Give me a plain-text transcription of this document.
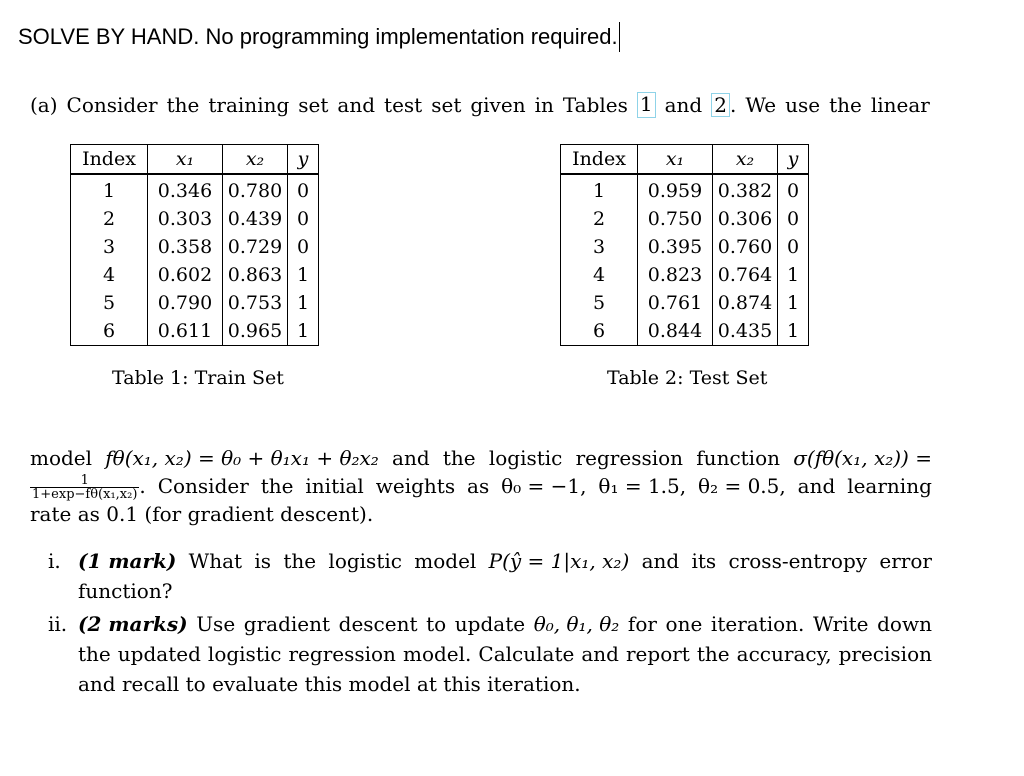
SOLVE BY HAND. No programming implementation required.
(a) Consider the training set and test set given in Tables 1 and 2 . We use the linear
Index	x₁	x₂	y
1	0.346	0.780	0
2	0.303	0.439	0
3	0.358	0.729	0
4	0.602	0.863	1
5	0.790	0.753	1
6	0.611	0.965	1
Table 1: Train Set
Index	x₁	x₂	y
1	0.959	0.382	0
2	0.750	0.306	0
3	0.395	0.760	0
4	0.823	0.764	1
5	0.761	0.874	1
6	0.844	0.435	1
Table 2: Test Set
model fθ(x₁, x₂) = θ₀ + θ₁x₁ + θ₂x₂ and the logistic regression function σ(fθ(x₁, x₂)) =
$\frac{1}{\text{1+exp−fθ(x₁,x₂)}}$ . Consider the initial weights as θ₀ = −1, θ₁ = 1.5, θ₂ = 0.5, and learning
rate as 0.1 (for gradient descent).
i. (1 mark) What is the logistic model P(ŷ = 1|x₁, x₂) and its cross-entropy error
function?
ii. (2 marks) Use gradient descent to update θ₀, θ₁, θ₂ for one iteration. Write down
the updated logistic regression model. Calculate and report the accuracy, precision
and recall to evaluate this model at this iteration.
